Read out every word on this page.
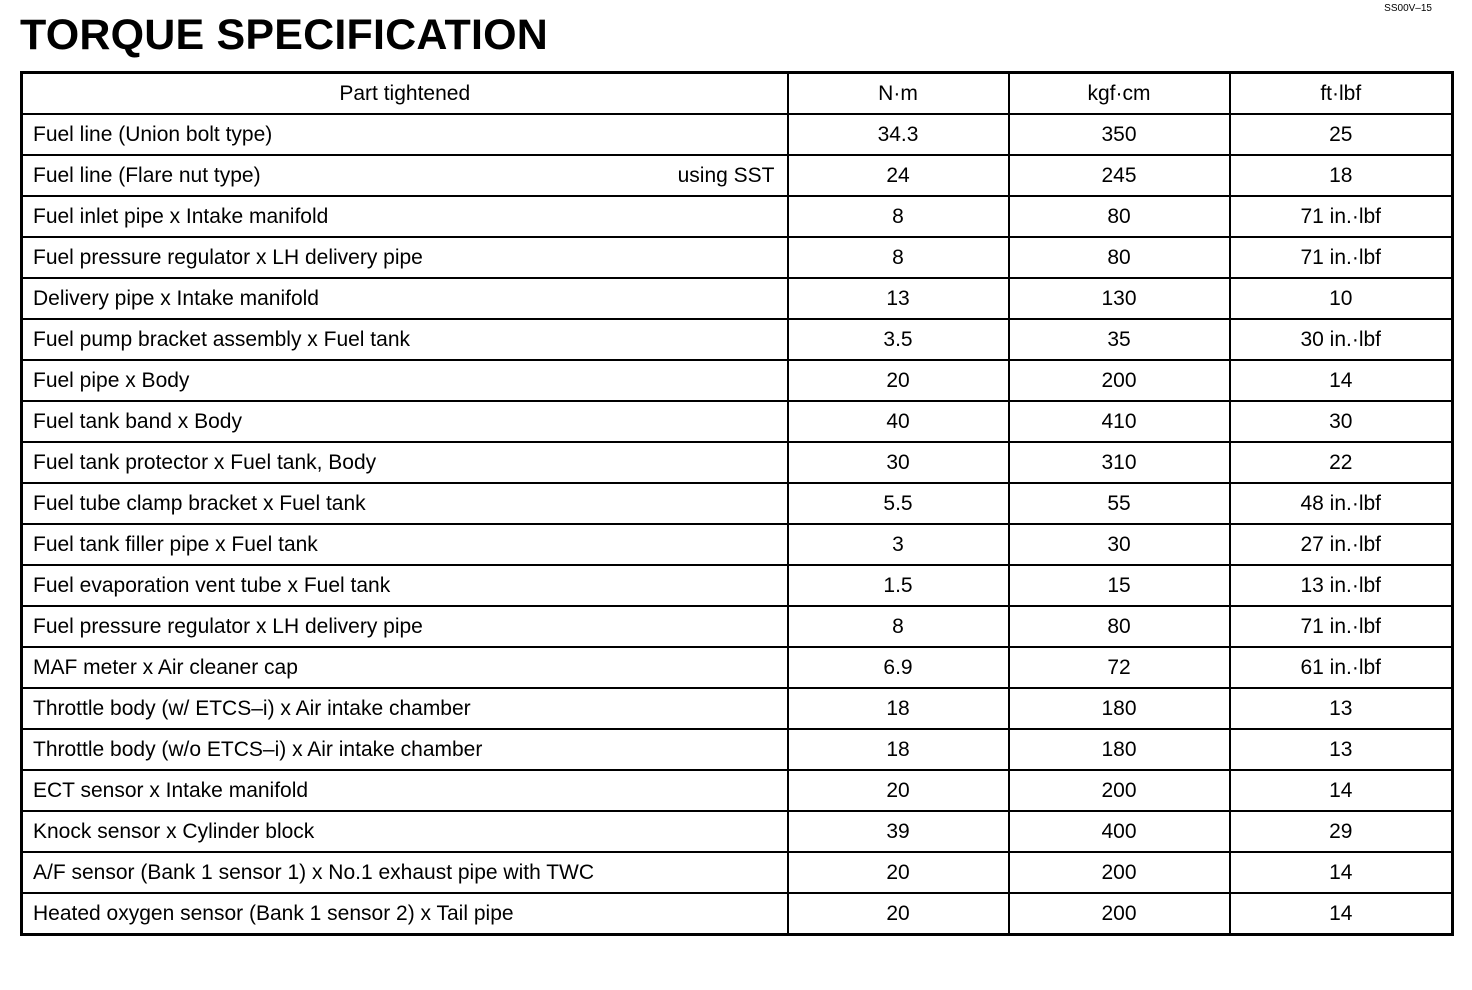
TORQUE SPECIFICATION
SS00V–15
Part tightened	N·m	kgf·cm	ft·lbf

Fuel line (Union bolt type)	34.3	350	25

Fuel line (Flare nut type) using SST	24	245	18

Fuel inlet pipe x Intake manifold	8	80	71 in.·lbf

Fuel pressure regulator x LH delivery pipe	8	80	71 in.·lbf

Delivery pipe x Intake manifold	13	130	10

Fuel pump bracket assembly x Fuel tank	3.5	35	30 in.·lbf

Fuel pipe x Body	20	200	14

Fuel tank band x Body	40	410	30

Fuel tank protector x Fuel tank, Body	30	310	22

Fuel tube clamp bracket x Fuel tank	5.5	55	48 in.·lbf

Fuel tank filler pipe x Fuel tank	3	30	27 in.·lbf

Fuel evaporation vent tube x Fuel tank	1.5	15	13 in.·lbf

Fuel pressure regulator x LH delivery pipe	8	80	71 in.·lbf

MAF meter x Air cleaner cap	6.9	72	61 in.·lbf

Throttle body (w/ ETCS–i) x Air intake chamber	18	180	13

Throttle body (w/o ETCS–i) x Air intake chamber	18	180	13

ECT sensor x Intake manifold	20	200	14

Knock sensor x Cylinder block	39	400	29

A/F sensor (Bank 1 sensor 1) x No.1 exhaust pipe with TWC	20	200	14

Heated oxygen sensor (Bank 1 sensor 2) x Tail pipe	20	200	14
